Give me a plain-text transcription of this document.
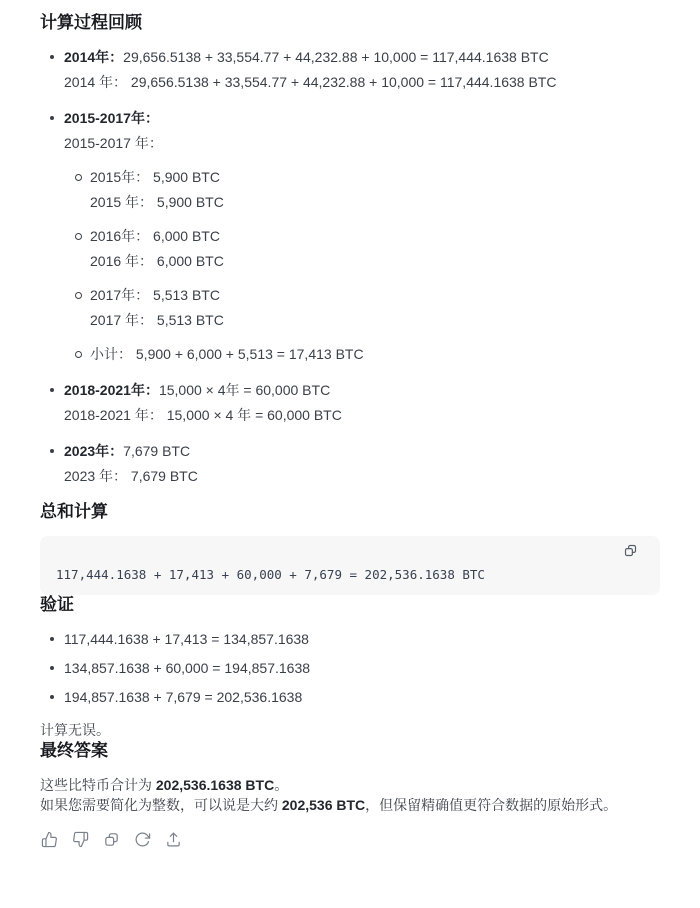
计算过程回顾

2014年：29,656.5138 + 33,554.77 + 44,232.88 + 10,000 = 117,444.1638 BTC

2014 年： 29,656.5138 + 33,554.77 + 44,232.88 + 10,000 = 117,444.1638 BTC

2015-2017年：

2015-2017 年：

2015年： 5,900 BTC

2015 年： 5,900 BTC

2016年： 6,000 BTC

2016 年： 6,000 BTC

2017年： 5,513 BTC

2017 年： 5,513 BTC

小计： 5,900 + 6,000 + 5,513 = 17,413 BTC

2018-2021年：15,000 × 4年 = 60,000 BTC

2018-2021 年： 15,000 × 4 年 = 60,000 BTC

2023年：7,679 BTC

2023 年： 7,679 BTC

总和计算
117,444.1638 + 17,413 + 60,000 + 7,679 = 202,536.1638 BTC
验证

117,444.1638 + 17,413 = 134,857.1638

134,857.1638 + 60,000 = 194,857.1638

194,857.1638 + 7,679 = 202,536.1638

计算无误。

最终答案

这些比特币合计为 202,536.1638 BTC。
如果您需要简化为整数，可以说是大约 202,536 BTC，但保留精确值更符合数据的原始形式。
